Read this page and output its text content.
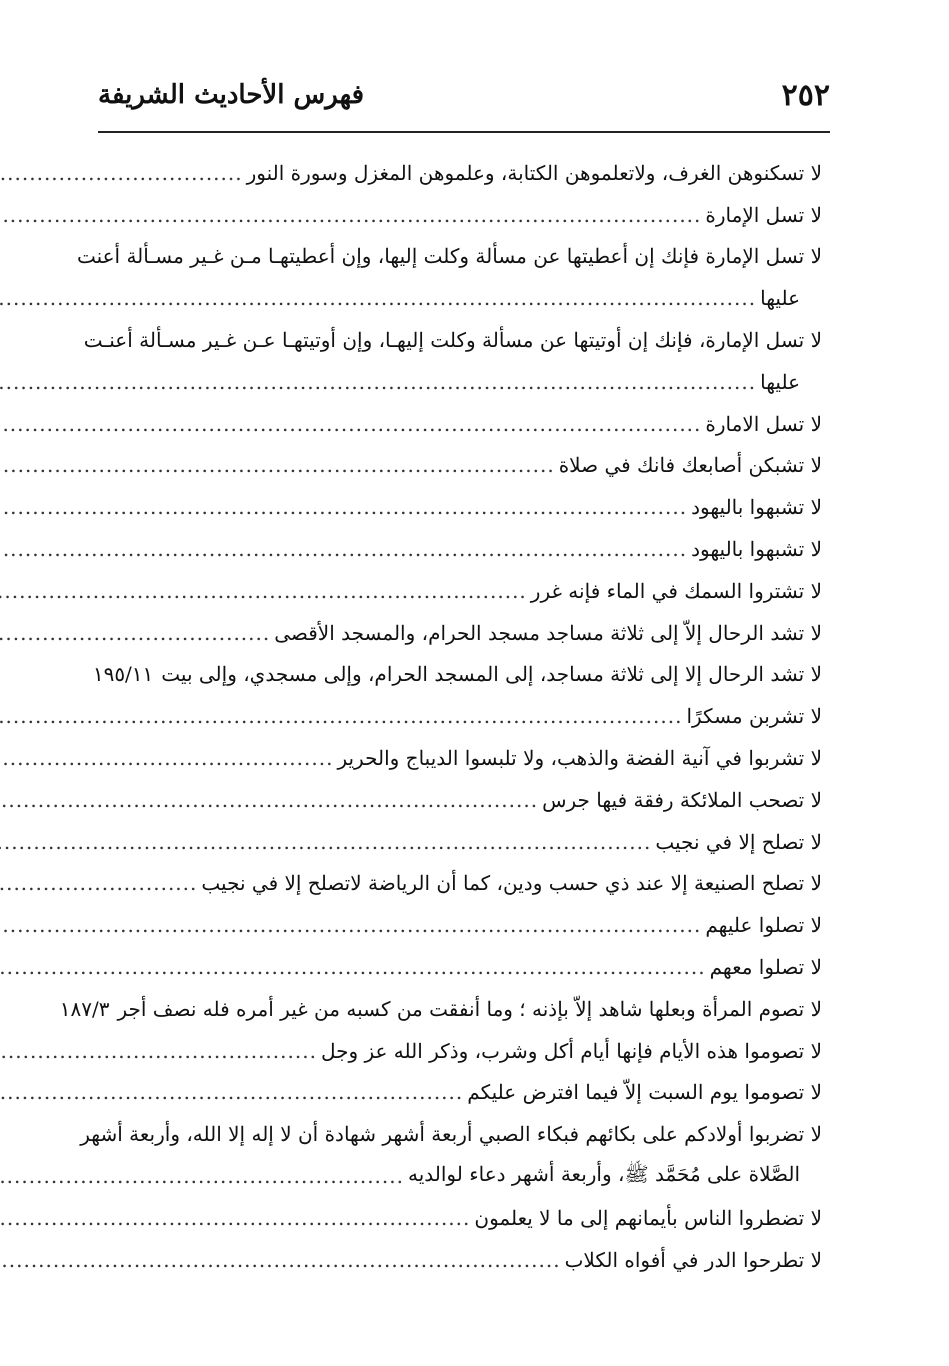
٢٥٢
فهرس الأحاديث الشريفة
لا تسكنوهن الغرف، ولاتعلموهن الكتابة، وعلموهن المغزل وسورة النور
.....
لا تسل الإمارة
.....
لا تسل الإمارة فإنك إن أعطيتها عن مسألة وكلت إليها، وإن أعطيتهـا مـن غـير مسـألة أعنت
عليها
.....
لا تسل الإمارة، فإنك إن أوتيتها عن مسألة وكلت إليهـا، وإن أوتيتهـا عـن غـير مسـألة أعنـت
عليها
.....
لا تسل الامارة
.....
لا تشبكن أصابعك فانك في صلاة
.....
لا تشبهوا باليهود
.....
لا تشبهوا باليهود
.....
لا تشتروا السمك في الماء فإنه غرر
.....
لا تشد الرحال إلاّ إلى ثلاثة مساجد مسجد الحرام، والمسجد الأقصى
.....
لا تشد الرحال إلا إلى ثلاثة مساجد، إلى المسجد الحرام، وإلى مسجدي، وإلى بيت
١٩٥/١١
لا تشربن مسكرًا
.....
لا تشربوا في آنية الفضة والذهب، ولا تلبسوا الديباج والحرير
.....
لا تصحب الملائكة رفقة فيها جرس
.....
لا تصلح إلا في نجيب
.....
لا تصلح الصنيعة إلا عند ذي حسب ودين، كما أن الرياضة لاتصلح إلا في نجيب
.....
لا تصلوا عليهم
.....
لا تصلوا معهم
.....
لا تصوم المرأة وبعلها شاهد إلاّ بإذنه ؛ وما أنفقت من كسبه من غير أمره فله نصف أجر
١٨٧/٣
لا تصوموا هذه الأيام فإنها أيام أكل وشرب، وذكر الله عز وجل
.....
لا تصوموا يوم السبت إلاّ فيما افترض عليكم
.....
لا تضربوا أولادكم على بكائهم فبكاء الصبي أربعة أشهر شهادة أن لا إله إلا الله، وأربعة أشهر
الصَّلاة على مُحَمَّد ﷺ، وأربعة أشهر دعاء لوالديه
.....
لا تضطروا الناس بأيمانهم إلى ما لا يعلمون
.....
لا تطرحوا الدر في أفواه الكلاب
.....
